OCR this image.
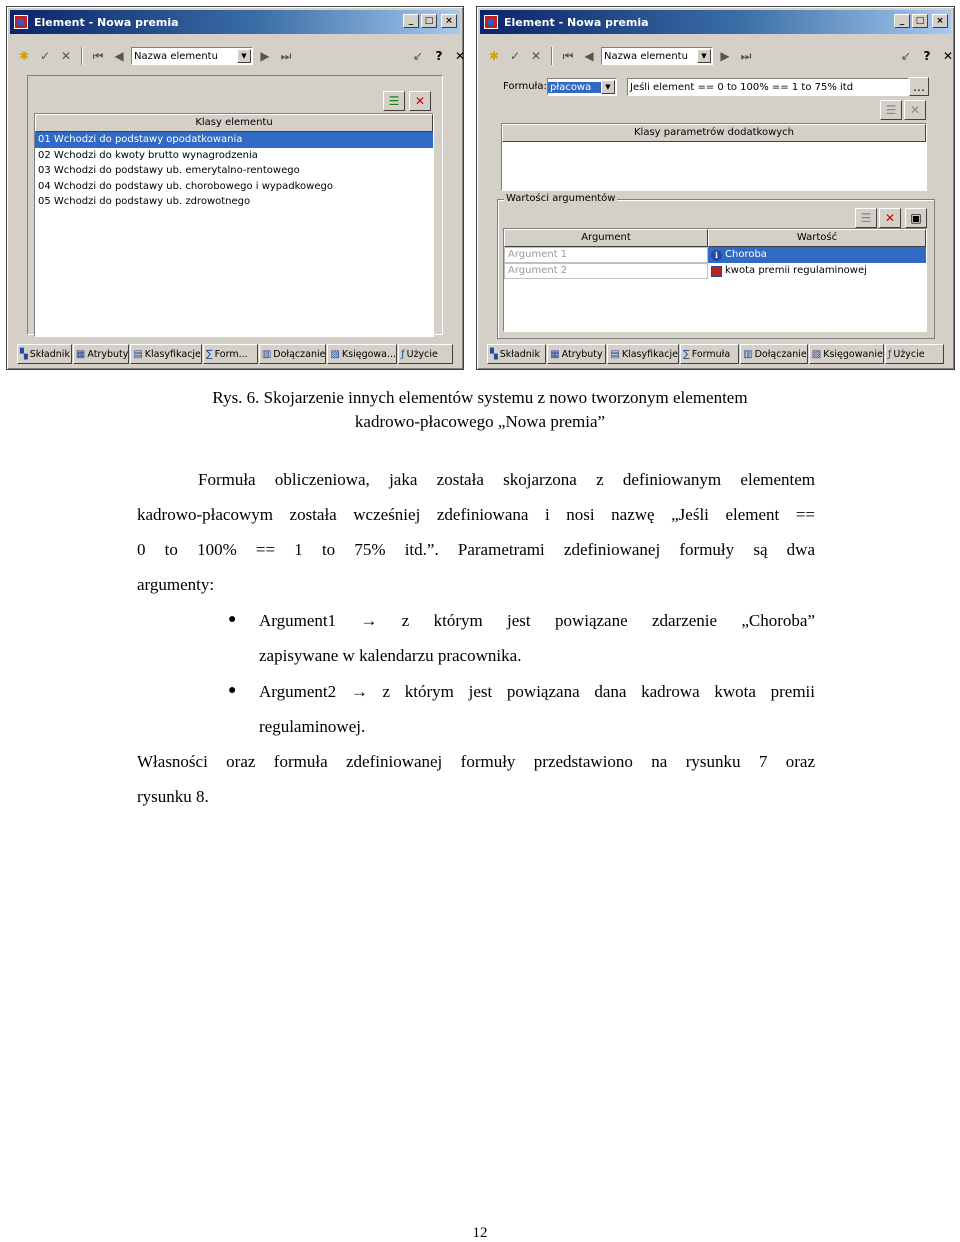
Element - Nowa premia	_	□	×
✱ ✓ ✕	⏮ ◀	Nazwa elementu	▼	▶ ⏭	↙	?	✕
☰ ✕
Klasy elementu
01 Wchodzi do podstawy opodatkowania
02 Wchodzi do kwoty brutto wynagrodzenia
03 Wchodzi do podstawy ub. emerytalno-rentowego
04 Wchodzi do podstawy ub. chorobowego i wypadkowego
05 Wchodzi do podstawy ub. zdrowotnego
▚ Składnik ▦ Atrybuty ▤ Klasyfikacje ∑ Form... ▥ Dołączanie ▧ Księgowa... ƒ Użycie
Element - Nowa premia	_	□	×
✱ ✓ ✕	⏮ ◀	Nazwa elementu	▼	▶ ⏭	↙	?	✕
Formuła: płacowa	▼	Jeśli element == 0 to 100% == 1 to 75% itd	…
☰ ✕
Klasy parametrów dodatkowych
Wartości argumentów
☰ ✕ ▣
Argument	Wartość
Argument 1	i Choroba
Argument 2	kwota premii regulaminowej
▚ Składnik ▦ Atrybuty ▤ Klasyfikacje ∑ Formuła ▥ Dołączanie ▧ Księgowanie ƒ Użycie
Rys. 6. Skojarzenie innych elementów systemu z nowo tworzonym elementem
kadrowo-płacowego „Nowa premia”
Formuła obliczeniowa, jaka została skojarzona z definiowanym elementem
kadrowo-płacowym została wcześniej zdefiniowana i nosi nazwę „Jeśli element ==
0 to 100% == 1 to 75% itd.”. Parametrami zdefiniowanej formuły są dwa
argumenty:
● Argument1 → z którym jest powiązane zdarzenie „Choroba”
zapisywane w kalendarzu pracownika.
● Argument2 → z którym jest powiązana dana kadrowa kwota premii
regulaminowej.
Własności oraz formuła zdefiniowanej formuły przedstawiono na rysunku 7 oraz
rysunku 8.
12
